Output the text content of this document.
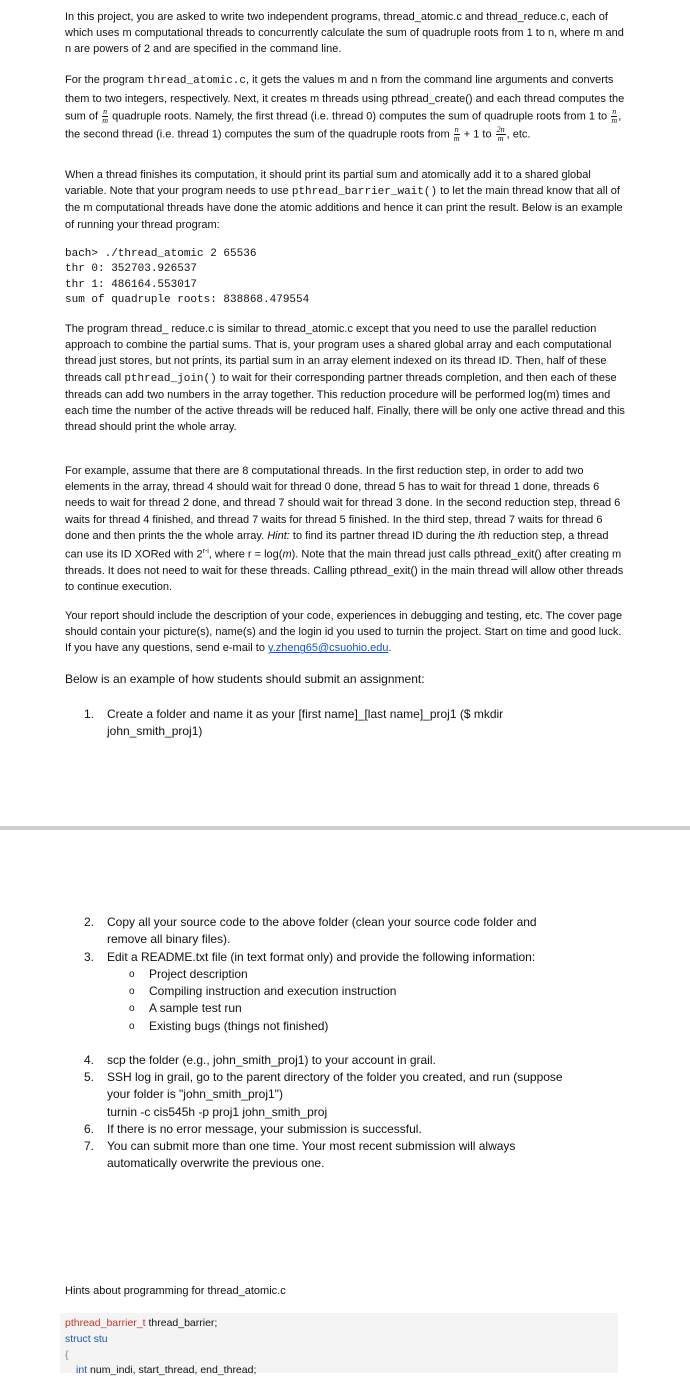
In this project, you are asked to write two independent programs, thread_atomic.c and thread_reduce.c, each of which uses m computational threads to concurrently calculate the sum of quadruple roots from 1 to n, where m and n are powers of 2 and are specified in the command line.

For the program thread_atomic.c, it gets the values m and n from the command line arguments and converts them to two integers, respectively. Next, it creates m threads using pthread_create() and each thread computes the sum of $\frac{n}{m}$ quadruple roots. Namely, the first thread (i.e. thread 0) computes the sum of quadruple roots from 1 to $\frac{n}{m}$ , the second thread (i.e. thread 1) computes the sum of the quadruple roots from $\frac{n}{m} + 1$ to $\frac{2n}{m}$ , etc.

When a thread finishes its computation, it should print its partial sum and atomically add it to a shared global variable. Note that your program needs to use pthread_barrier_wait() to let the main thread know that all of the m computational threads have done the atomic additions and hence it can print the result. Below is an example of running your thread program:

bach> ./thread_atomic 2 65536
thr 0: 352703.926537
thr 1: 486164.553017
sum of quadruple roots: 838868.479554

The program thread_ reduce.c is similar to thread_atomic.c except that you need to use the parallel reduction approach to combine the partial sums. That is, your program uses a shared global array and each computational thread just stores, but not prints, its partial sum in an array element indexed on its thread ID. Then, half of these threads call pthread_join() to wait for their corresponding partner threads completion, and then each of these threads can add two numbers in the array together. This reduction procedure will be performed log(m) times and each time the number of the active threads will be reduced half. Finally, there will be only one active thread and this thread should print the whole array.

For example, assume that there are 8 computational threads. In the first reduction step, in order to add two elements in the array, thread 4 should wait for thread 0 done, thread 5 has to wait for thread 1 done, threads 6 needs to wait for thread 2 done, and thread 7 should wait for thread 3 done. In the second reduction step, thread 6 waits for thread 4 finished, and thread 7 waits for thread 5 finished. In the third step, thread 7 waits for thread 6 done and then prints the the whole array. Hint: to find its partner thread ID during the ith reduction step, a thread can use its ID XORed with 2$^{r-i}$, where r = log(m). Note that the main thread just calls pthread_exit() after creating m threads. It does not need to wait for these threads. Calling pthread_exit() in the main thread will allow other threads to continue execution.

Your report should include the description of your code, experiences in debugging and testing, etc. The cover page should contain your picture(s), name(s) and the login id you used to turnin the project. Start on time and good luck. If you have any questions, send e-mail to y.zheng65@csuohio.edu.

Below is an example of how students should submit an assignment:

1.	Create a folder and name it as your [first name]_[last name]_proj1 ($ mkdir john_smith_proj1)
2.	Copy all your source code to the above folder (clean your source code folder and remove all binary files).
3.	Edit a README.txt file (in text format only) and provide the following information:
o Project description
o Compiling instruction and execution instruction
o A sample test run
o Existing bugs (things not finished)
4.	scp the folder (e.g., john_smith_proj1) to your account in grail.
5.	SSH log in grail, go to the parent directory of the folder you created, and run (suppose your folder is "john_smith_proj1")
turnin -c cis545h -p proj1 john_smith_proj
6.	If there is no error message, your submission is successful.
7.	You can submit more than one time. Your most recent submission will always automatically overwrite the previous one.
Hints about programming for thread_atomic.c
pthread_barrier_t thread_barrier;
struct stu
{
int num_indi, start_thread, end_thread;
